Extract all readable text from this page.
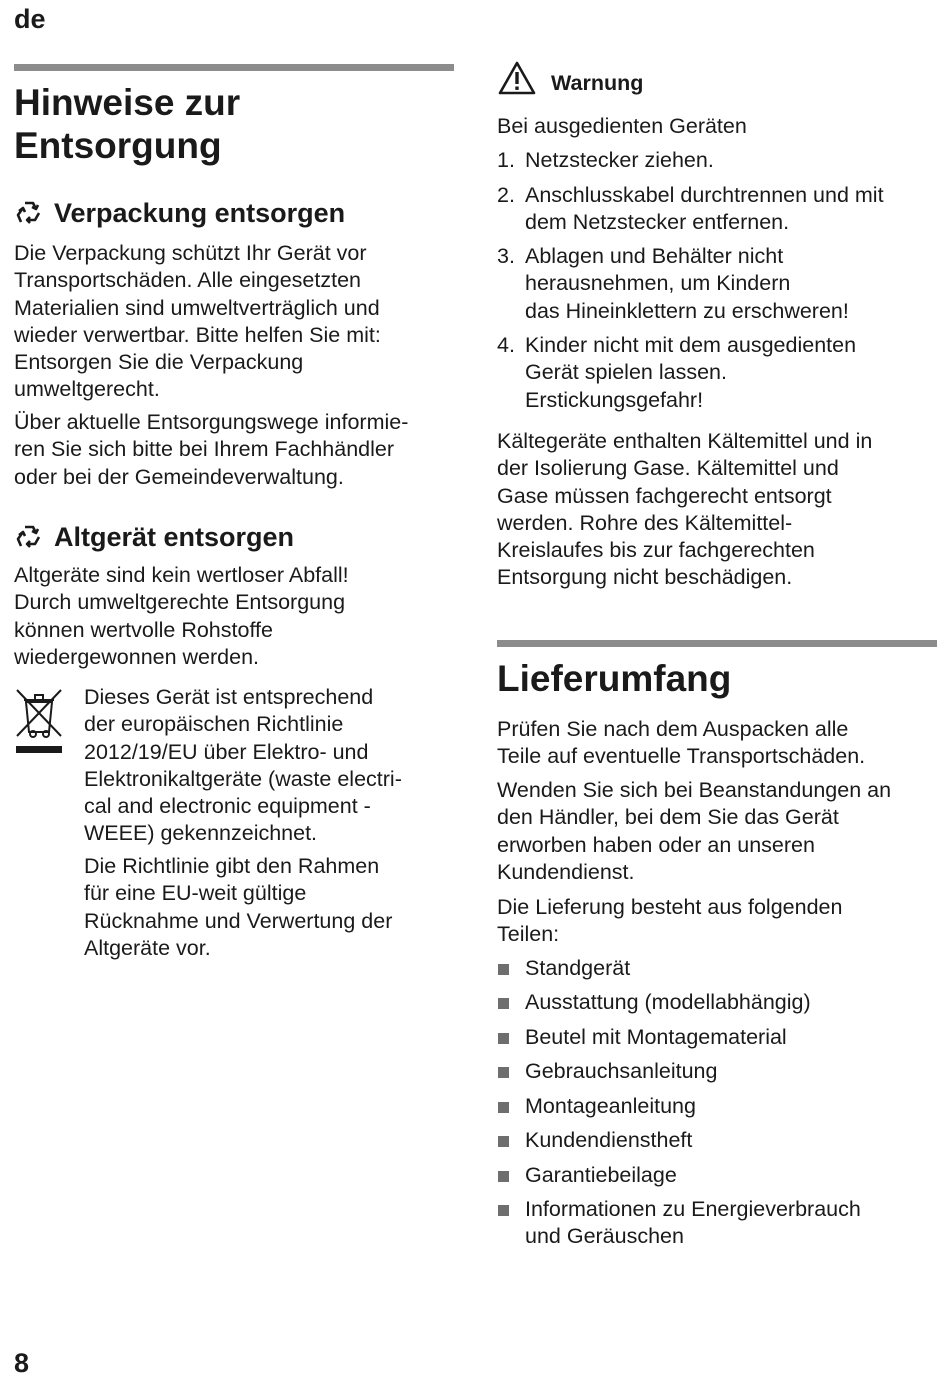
de
8
Hinweise zur
Entsorgung
Verpackung entsorgen

Die Verpackung schützt Ihr Gerät vor
Transportschäden. Alle eingesetzten
Materialien sind umweltverträglich und
wieder verwertbar. Bitte helfen Sie mit:
Entsorgen Sie die Verpackung
umweltgerecht.

Über aktuelle Entsorgungswege informie-
ren Sie sich bitte bei Ihrem Fachhändler
oder bei der Gemeindeverwaltung.

Altgerät entsorgen

Altgeräte sind kein wertloser Abfall!
Durch umweltgerechte Entsorgung
können wertvolle Rohstoffe
wiedergewonnen werden.

Dieses Gerät ist entsprechend
der europäischen Richtlinie
2012/19/EU über Elektro- und
Elektronikaltgeräte (waste electri-
cal and electronic equipment -
WEEE) gekennzeichnet.

Die Richtlinie gibt den Rahmen
für eine EU-weit gültige
Rücknahme und Verwertung der
Altgeräte vor.

Warnung

Bei ausgedienten Geräten

1. Netzstecker ziehen.
2. Anschlusskabel durchtrennen und mit
dem Netzstecker entfernen.
3. Ablagen und Behälter nicht
herausnehmen, um Kindern
das Hineinklettern zu erschweren!
4. Kinder nicht mit dem ausgedienten
Gerät spielen lassen.
Erstickungsgefahr!

Kältegeräte enthalten Kältemittel und in
der Isolierung Gase. Kältemittel und
Gase müssen fachgerecht entsorgt
werden. Rohre des Kältemittel-
Kreislaufes bis zur fachgerechten
Entsorgung nicht beschädigen.

Lieferumfang

Prüfen Sie nach dem Auspacken alle
Teile auf eventuelle Transportschäden.

Wenden Sie sich bei Beanstandungen an
den Händler, bei dem Sie das Gerät
erworben haben oder an unseren
Kundendienst.

Die Lieferung besteht aus folgenden
Teilen:

Standgerät
Ausstattung (modellabhängig)
Beutel mit Montagematerial
Gebrauchsanleitung
Montageanleitung
Kundendienstheft
Garantiebeilage
Informationen zu Energieverbrauch
und Geräuschen
